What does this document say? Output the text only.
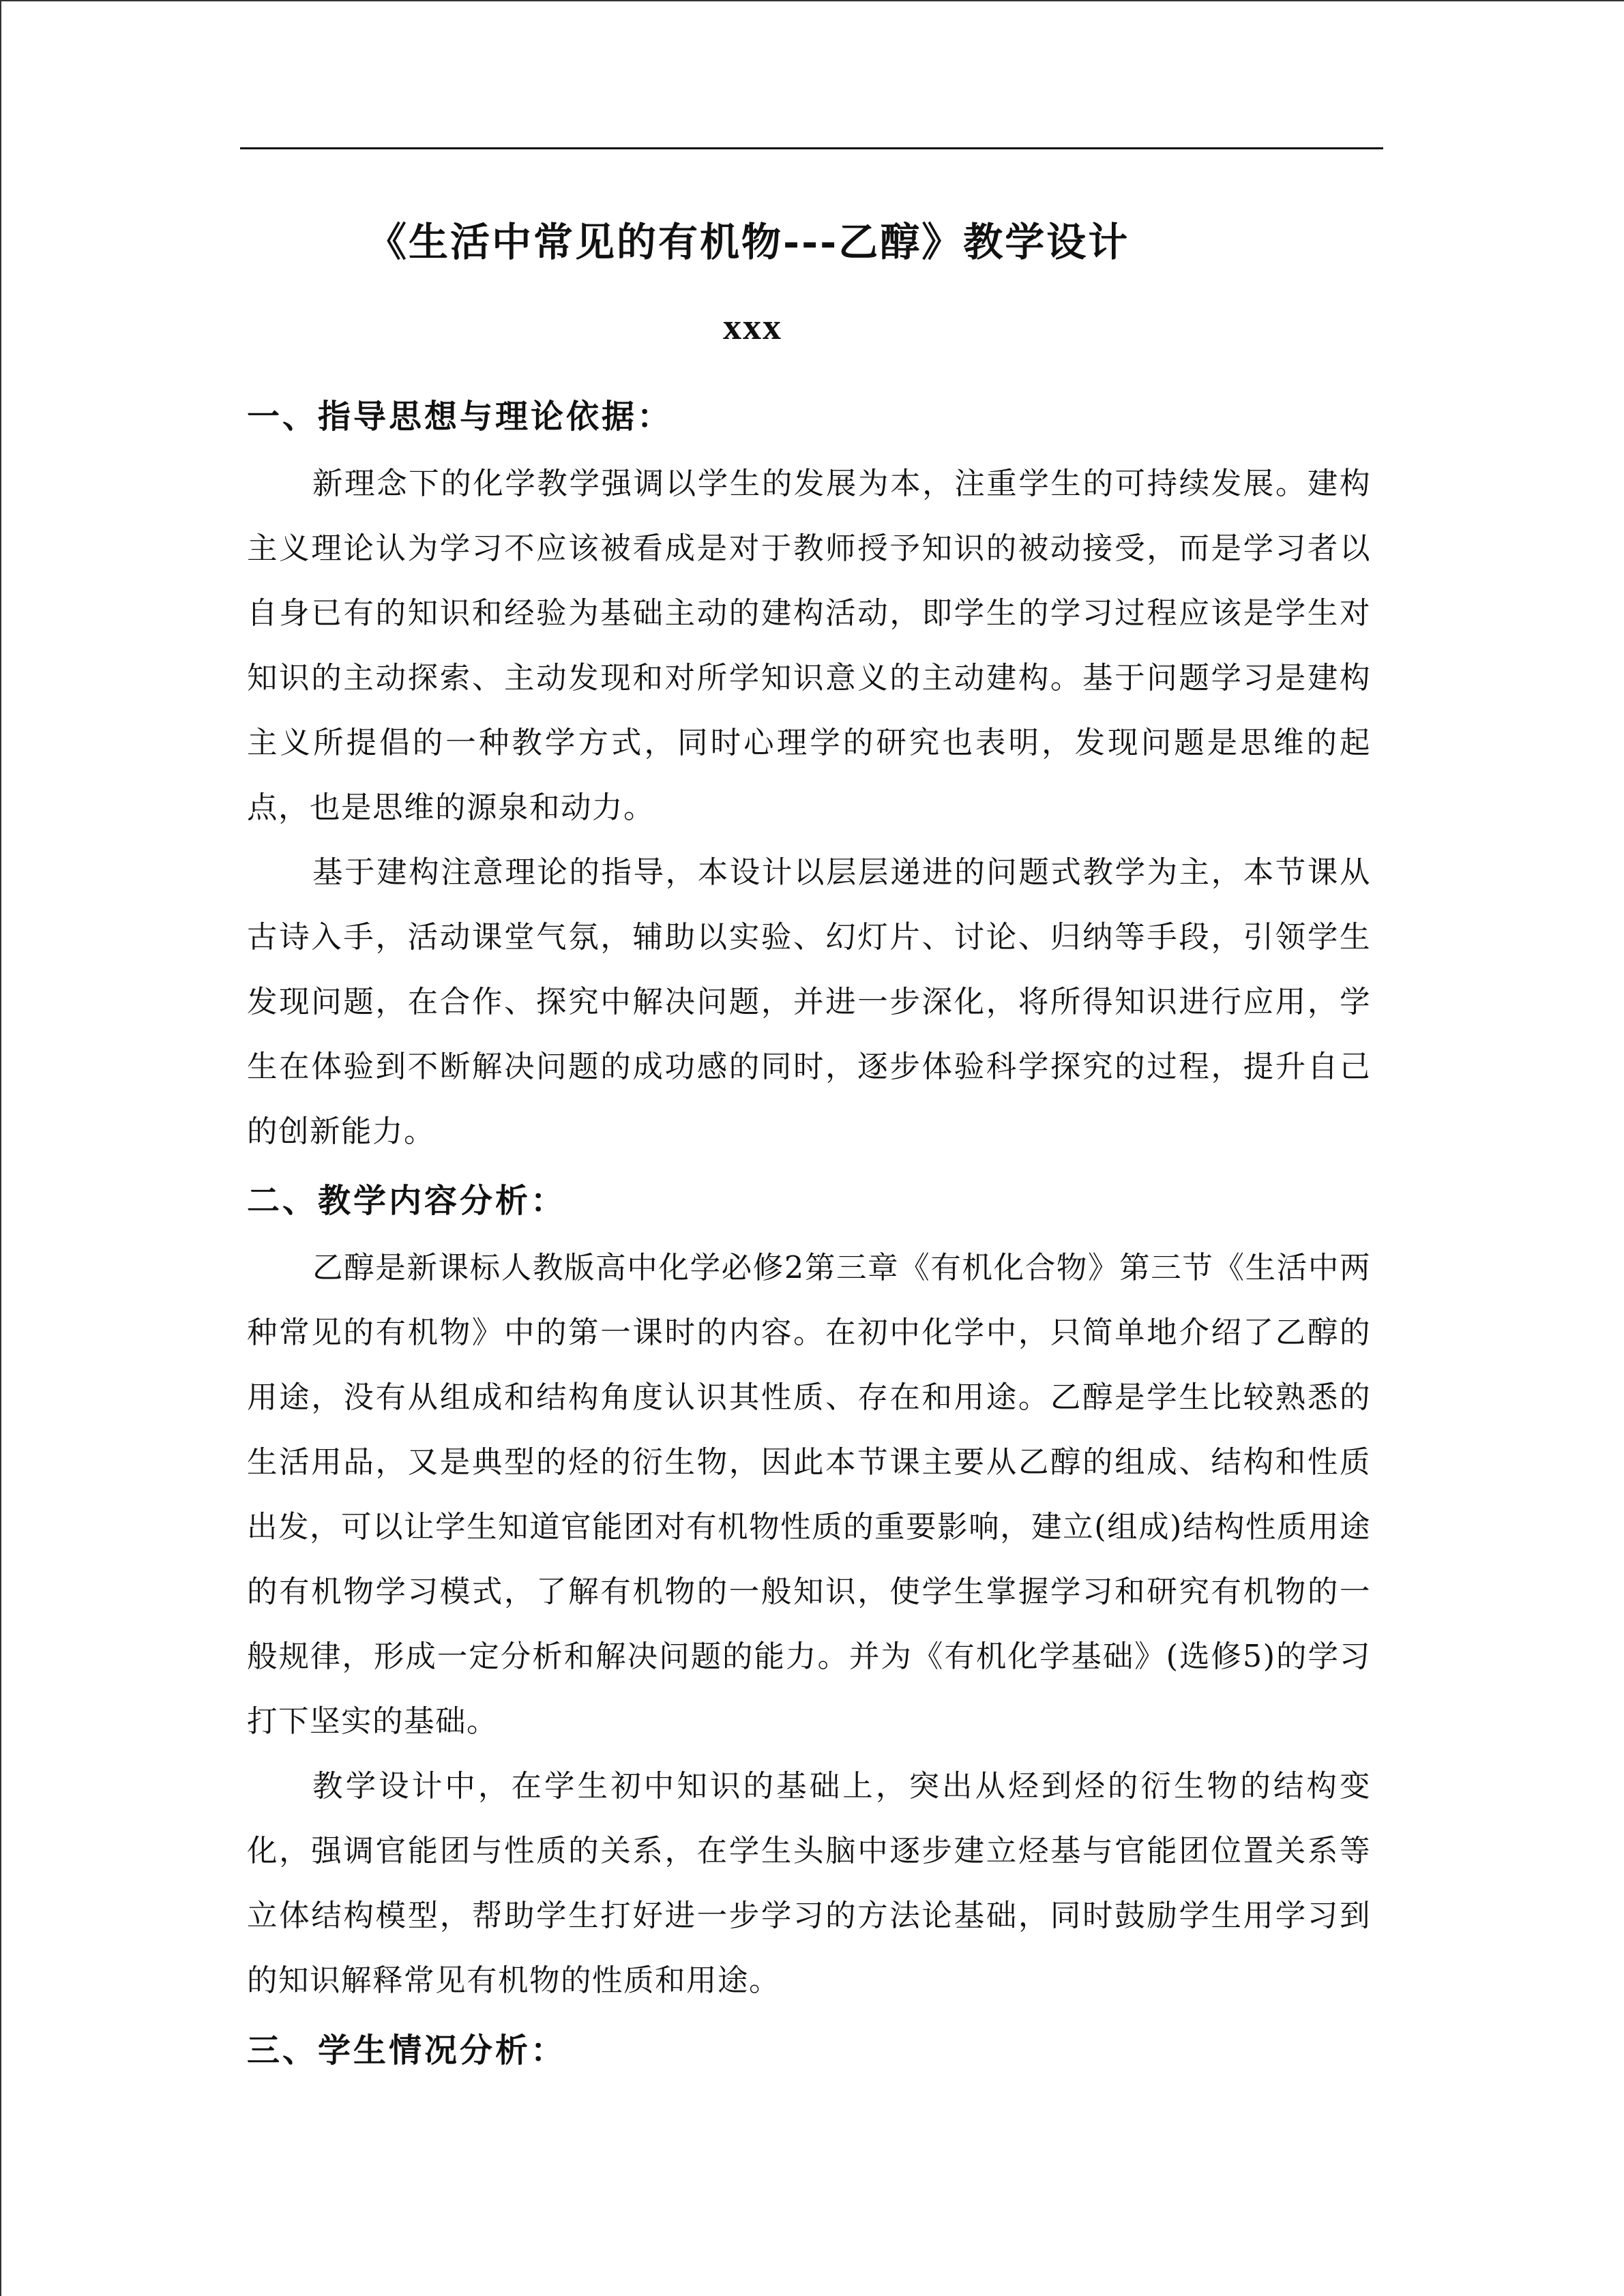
《生活中常见的有机物---乙醇》教学设计
xxx
一、指导思想与理论依据：
新理念下的化学教学强调以学生的发展为本，注重学生的可持续发展。建构主义理论认为学习不应该被看成是对于教师授予知识的被动接受，而是学习者以自身已有的知识和经验为基础主动的建构活动，即学生的学习过程应该是学生对知识的主动探索、主动发现和对所学知识意义的主动建构。基于问题学习是建构主义所提倡的一种教学方式，同时心理学的研究也表明，发现问题是思维的起点，也是思维的源泉和动力。
基于建构注意理论的指导，本设计以层层递进的问题式教学为主，本节课从古诗入手，活动课堂气氛，辅助以实验、幻灯片、讨论、归纳等手段，引领学生发现问题，在合作、探究中解决问题，并进一步深化，将所得知识进行应用，学生在体验到不断解决问题的成功感的同时，逐步体验科学探究的过程，提升自己的创新能力。
二、教学内容分析：
乙醇是新课标人教版高中化学必修2第三章《有机化合物》第三节《生活中两种常见的有机物》中的第一课时的内容。在初中化学中，只简单地介绍了乙醇的用途，没有从组成和结构角度认识其性质、存在和用途。乙醇是学生比较熟悉的生活用品，又是典型的烃的衍生物，因此本节课主要从乙醇的组成、结构和性质出发，可以让学生知道官能团对有机物性质的重要影响，建立(组成)结构性质用途的有机物学习模式，了解有机物的一般知识，使学生掌握学习和研究有机物的一般规律，形成一定分析和解决问题的能力。并为《有机化学基础》(选修5)的学习打下坚实的基础。
教学设计中，在学生初中知识的基础上，突出从烃到烃的衍生物的结构变化，强调官能团与性质的关系，在学生头脑中逐步建立烃基与官能团位置关系等立体结构模型，帮助学生打好进一步学习的方法论基础，同时鼓励学生用学习到的知识解释常见有机物的性质和用途。
三、学生情况分析：
